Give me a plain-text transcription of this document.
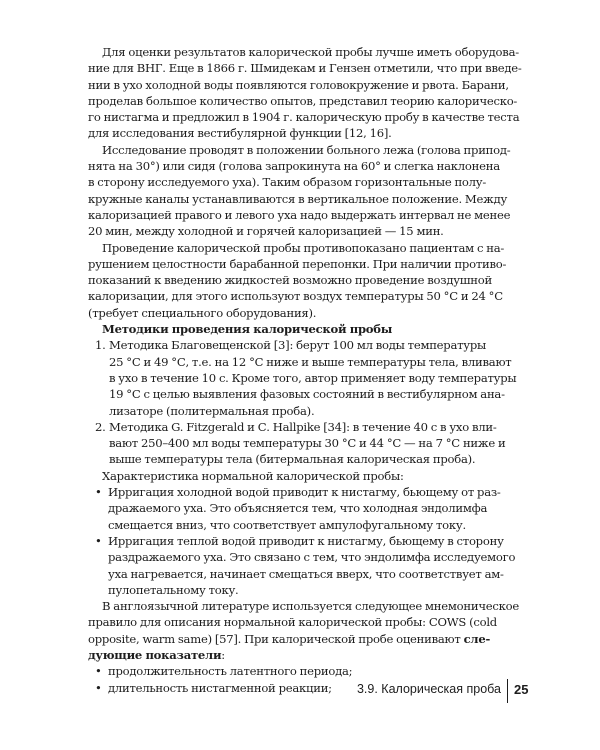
Для оценки результатов калорической пробы лучше иметь оборудова-
ние для ВНГ. Еще в 1866 г. Шмидекам и Гензен отметили, что при введе-
нии в ухо холодной воды появляются головокружение и рвота. Барани,
проделав большое количество опытов, представил теорию калорическо-
го нистагма и предложил в 1904 г. калорическую пробу в качестве теста
для исследования вестибулярной функции [12, 16].
Исследование проводят в положении больного лежа (голова припод-
нята на 30°) или сидя (голова запрокинута на 60° и слегка наклонена
в сторону исследуемого уха). Таким образом горизонтальные полу-
кружные каналы устанавливаются в вертикальное положение. Между
калоризацией правого и левого уха надо выдержать интервал не менее
20 мин, между холодной и горячей калоризацией — 15 мин.
Проведение калорической пробы противопоказано пациентам с на-
рушением целостности барабанной перепонки. При наличии противо-
показаний к введению жидкостей возможно проведение воздушной
калоризации, для этого используют воздух температуры 50 °С и 24 °С
(требует специального оборудования).
Методики проведения калорической пробы
1. Методика Благовещенской [3]: берут 100 мл воды температуры
25 °С и 49 °С, т.е. на 12 °С ниже и выше температуры тела, вливают
в ухо в течение 10 с. Кроме того, автор применяет воду температуры
19 °С с целью выявления фазовых состояний в вестибулярном ана-
лизаторе (политермальная проба).
2. Методика G. Fitzgerald и С. Hallpike [34]: в течение 40 с в ухо вли-
вают 250–400 мл воды температуры 30 °С и 44 °С — на 7 °С ниже и
выше температуры тела (битермальная калорическая проба).
Характеристика нормальной калорической пробы:
• Ирригация холодной водой приводит к нистагму, бьющему от раз-
дражаемого уха. Это объясняется тем, что холодная эндолимфа
смещается вниз, что соответствует ампулофугальному току.
• Ирригация теплой водой приводит к нистагму, бьющему в сторону
раздражаемого уха. Это связано с тем, что эндолимфа исследуемого
уха нагревается, начинает смещаться вверх, что соответствует ам-
пулопетальному току.
В англоязычной литературе используется следующее мнемоническое
правило для описания нормальной калорической пробы: COWS (cold
opposite, warm same) [57]. При калорической пробе оценивают сле-
дующие показатели:
• продолжительность латентного периода;
• длительность нистагменной реакции;	3.9. Калорическая проба 25
